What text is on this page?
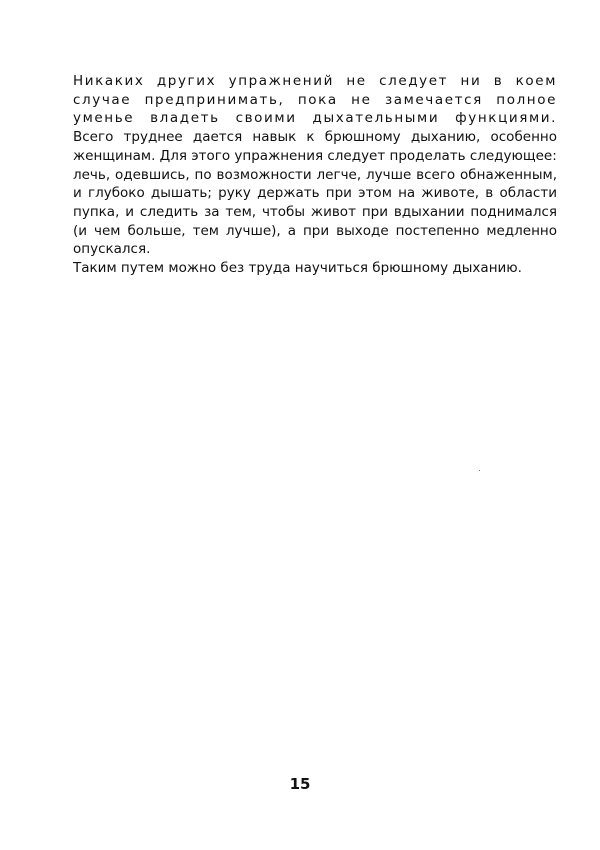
Никаких других упражнений не следует ни в коем случае предпринимать, пока не замечается полное уменье владеть своими дыхательными функциями. Всего труднее дается навык к брюшному дыханию, особенно женщинам. Для этого упражнения следует проделать следующее:

лечь, одевшись, по возможности легче, лучше всего обнаженным, и глубоко дышать; руку держать при этом на животе, в области пупка, и следить за тем, чтобы живот при вдыхании поднимался (и чем больше, тем лучше), а при выходе постепенно медленно опускался.

Таким путем можно без труда научиться брюшному дыханию.

15
